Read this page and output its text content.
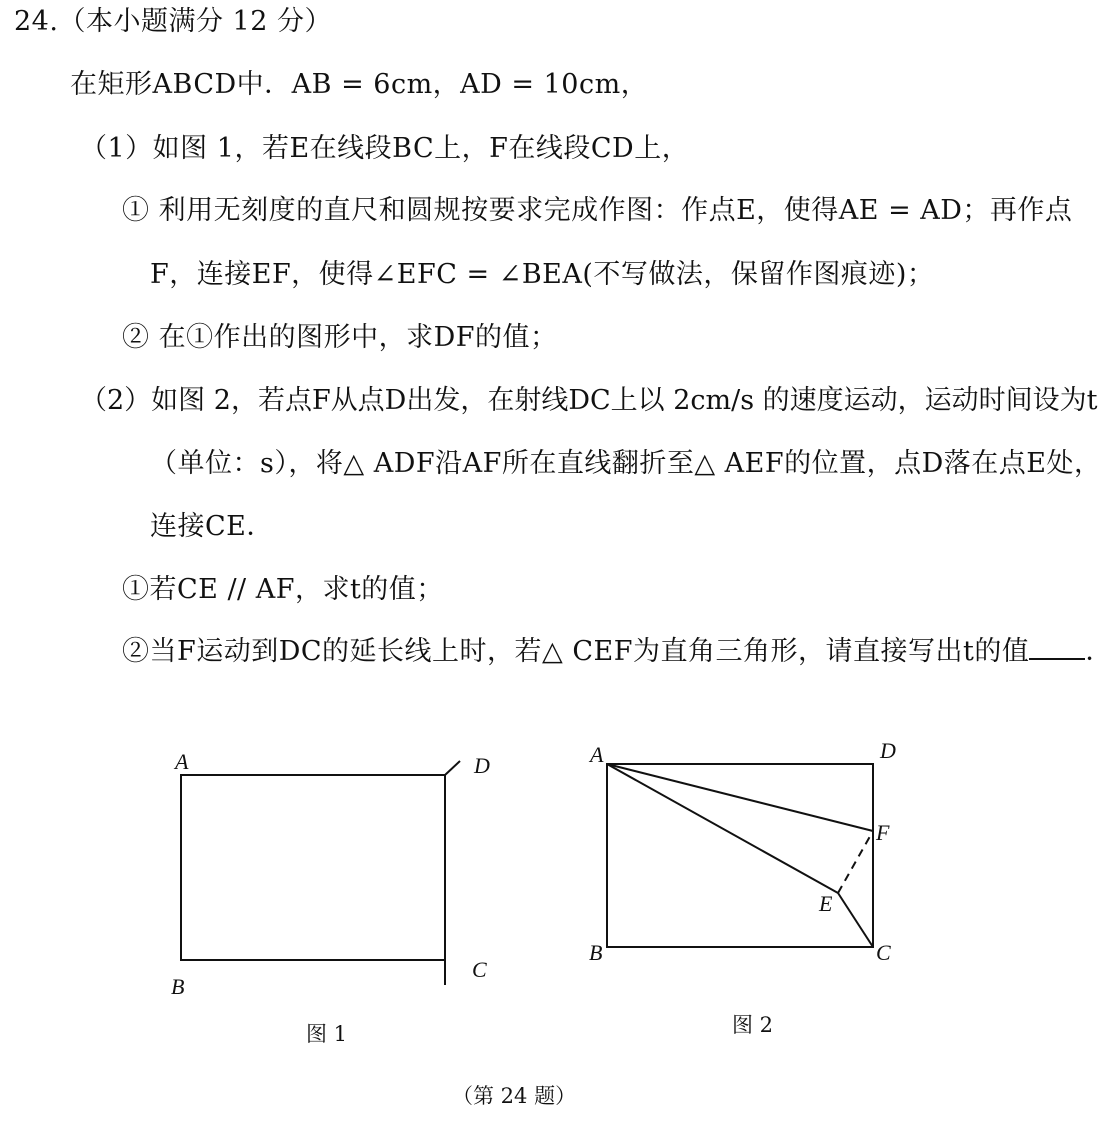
24.（本小题满分 12 分）
在矩形ABCD中．AB = 6cm，AD = 10cm，
（1）如图 1，若E在线段BC上，F在线段CD上，
① 利用无刻度的直尺和圆规按要求完成作图：作点E，使得AE = AD；再作点
F，连接EF，使得∠EFC = ∠BEA(不写做法，保留作图痕迹)；
② 在①作出的图形中，求DF的值；
（2）如图 2，若点F从点D出发，在射线DC上以 2cm/s 的速度运动，运动时间设为t
（单位：s），将△ ADF沿AF所在直线翻折至△ AEF的位置，点D落在点E处，
连接CE．
①若CE // AF，求t的值；
②当F运动到DC的延长线上时，若△ CEF为直角三角形，请直接写出t的值 ．
A	D
B
C
图 1
A	D
F
E
B	C
图 2
（第 24 题）
